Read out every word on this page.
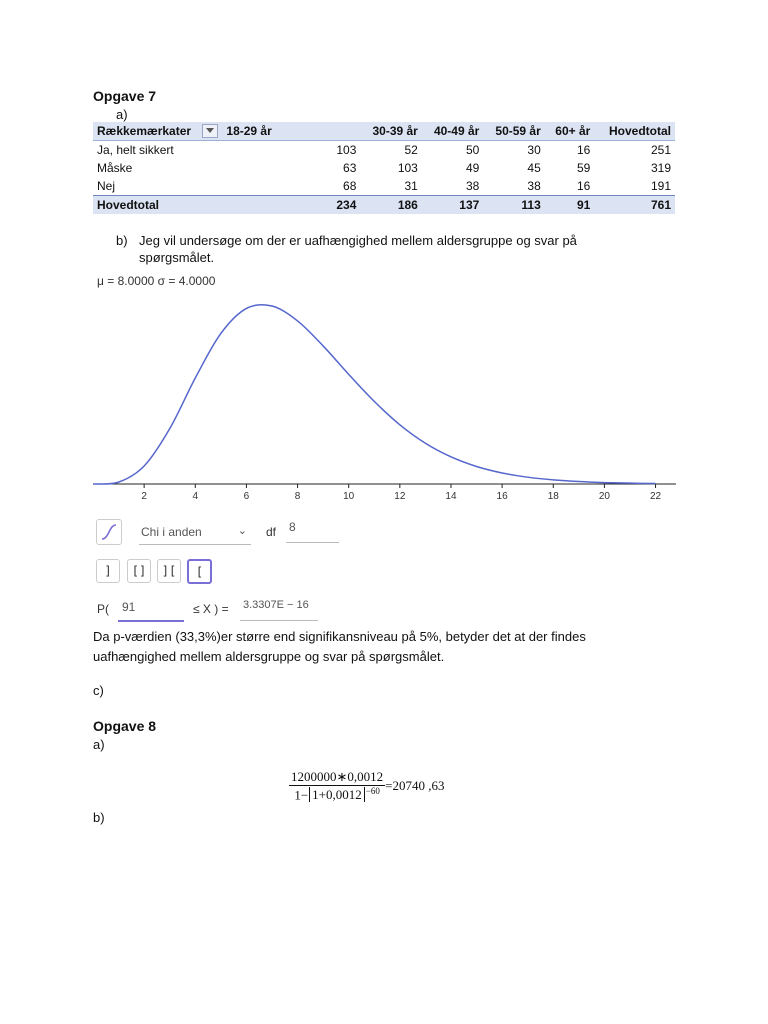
Opgave 7
a)
Rækkemærkater	18-29 år	30-39 år	40-49 år	50-59 år	60+ år	Hovedtotal
Ja, helt sikkert	103	52	50	30	16	251
Måske	63	103	49	45	59	319
Nej	68	31	38	38	16	191
Hovedtotal	234	186	137	113	91	761
b) Jeg vil undersøge om der er uafhængighed mellem aldersgruppe og svar på
spørgsmålet.
μ = 8.0000 σ = 4.0000
2	4	6	8	10	12	14	16	18	20	22
Chi i anden	⌄ df 8
]	[]	][	[
P( 91	≤ X ) = 3.3307E − 16
Da p-værdien (33,3%)er større end signifikansniveau på 5%, betyder det at der findes
uafhængighed mellem aldersgruppe og svar på spørgsmålet.
c)
Opgave 8
a)
$\frac{1200000∗0,0012}{1- 1+0,0012 ^{-60}} =20740$ ,63
b)
